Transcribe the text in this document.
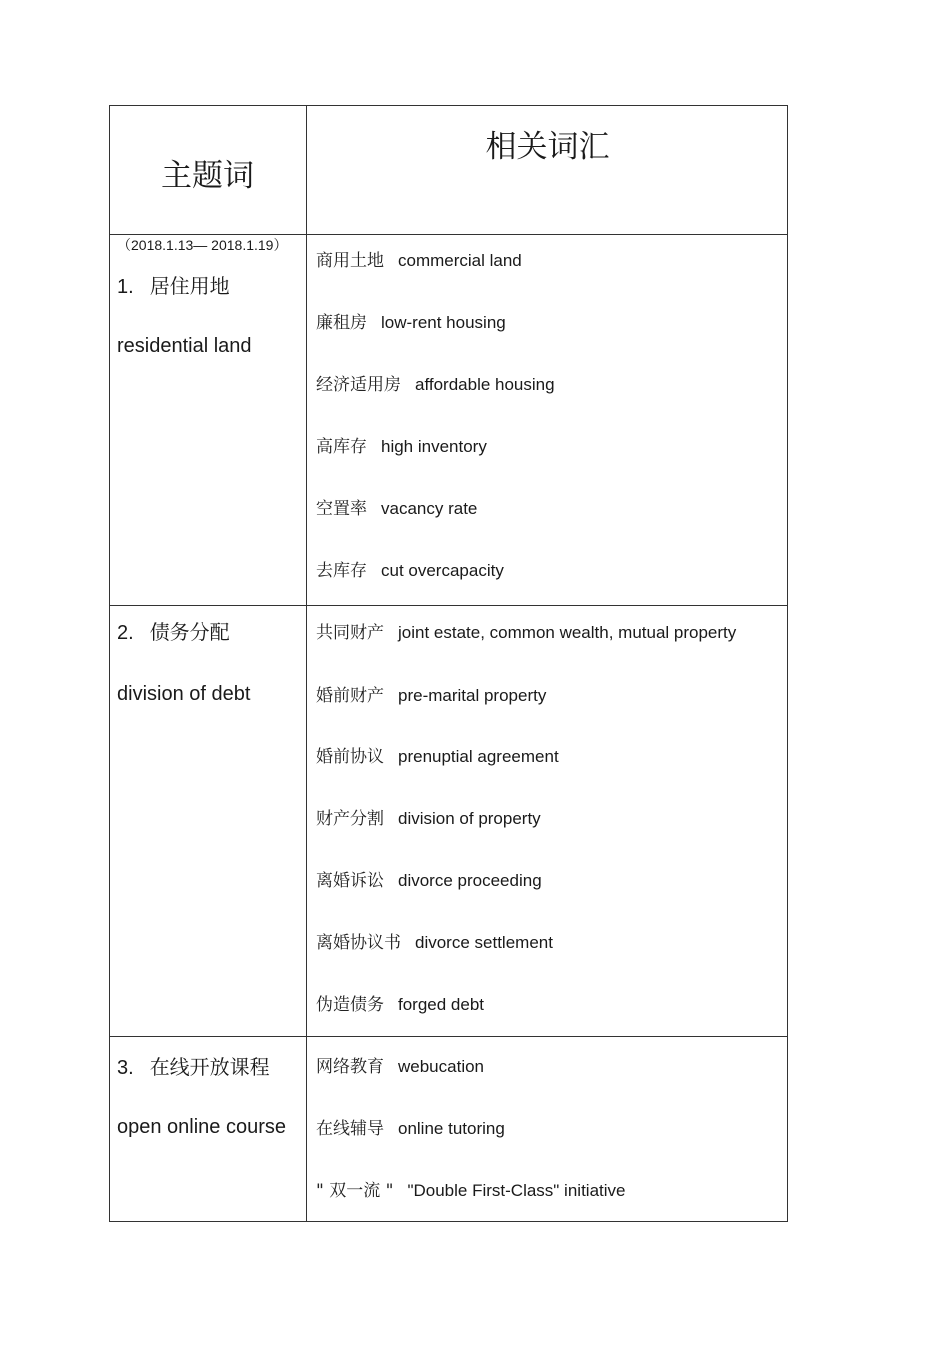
主题词
相关词汇
（2018.1.13— 2018.1.19）
1. 居住用地
residential land
商用土地 commercial land
廉租房 low-rent housing
经济适用房 affordable housing
高库存 high inventory
空置率 vacancy rate
去库存 cut overcapacity
2. 债务分配
division of debt
共同财产 joint estate, common wealth, mutual property
婚前财产 pre-marital property
婚前协议 prenuptial agreement
财产分割 division of property
离婚诉讼 divorce proceeding
离婚协议书 divorce settlement
伪造债务 forged debt
3. 在线开放课程
open online course
网络教育 webucation
在线辅导 online tutoring
" 双一流 " "Double First-Class" initiative
